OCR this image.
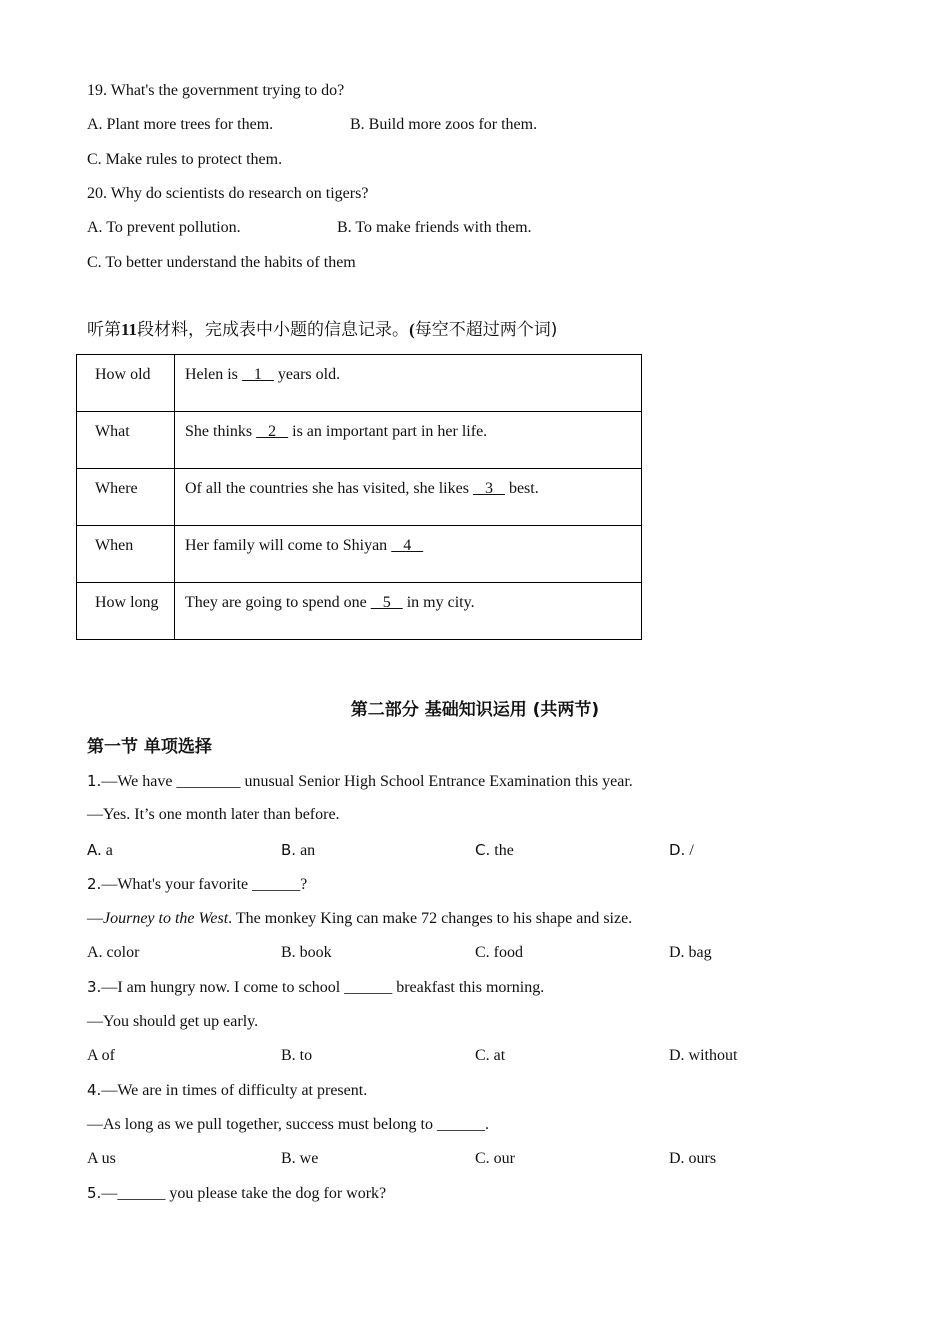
19. What's the government trying to do?
A. Plant more trees for them.	B. Build more zoos for them.
C. Make rules to protect them.
20. Why do scientists do research on tigers?
A. To prevent pollution.	B. To make friends with them.
C. To better understand the habits of them
听第11段材料，完成表中小题的信息记录。(每空不超过两个词)
How old	Helen is    1    years old.
What	She thinks    2    is an important part in her life.
Where	Of all the countries she has visited, she likes    3    best.
When	Her family will come to Shiyan    4
How long	They are going to spend one    5    in my city.
第二部分 基础知识运用 (共两节)
第一节 单项选择
1.—We have ________ unusual Senior High School Entrance Examination this year.
—Yes. It’s one month later than before.
A. a	B. an	C. the	D. /
2.—What's your favorite ______?
—Journey to the West. The monkey King can make 72 changes to his shape and size.
A. color	B. book	C. food	D. bag
3.—I am hungry now. I come to school ______ breakfast this morning.
—You should get up early.
A of	B. to	C. at	D. without
4.—We are in times of difficulty at present.
—As long as we pull together, success must belong to ______.
A us	B. we	C. our	D. ours
5.—______ you please take the dog for work?
